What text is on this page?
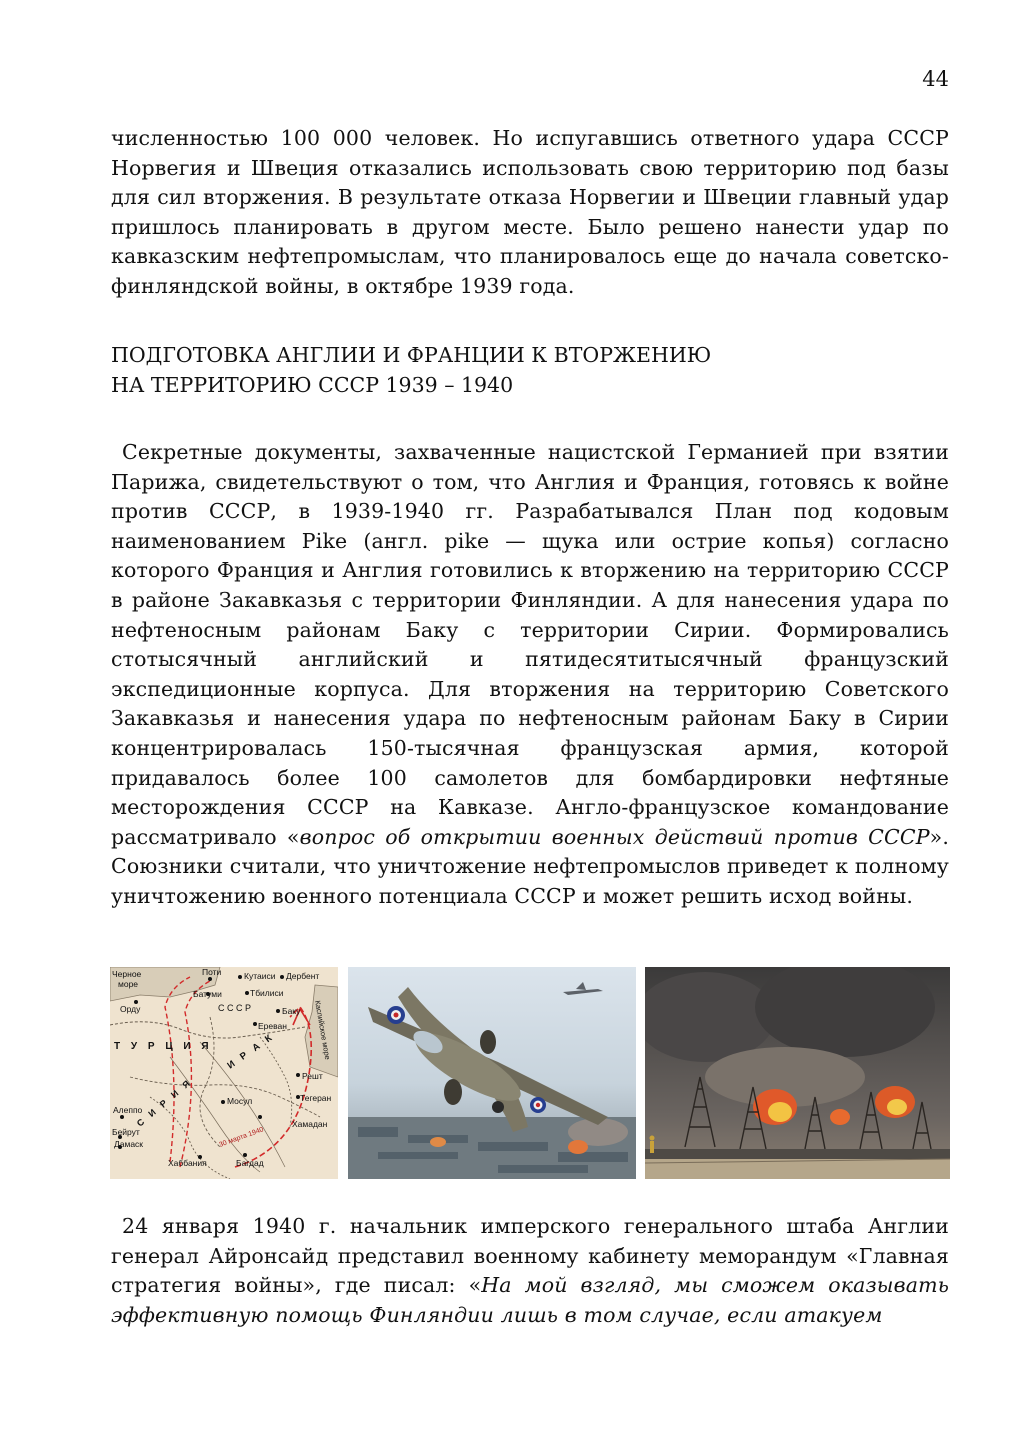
44
численностью 100 000 человек. Но испугавшись ответного удара СССР Норвегия и Швеция отказались использовать свою территорию под базы для сил вторжения. В результате отказа Норвегии и Швеции главный удар пришлось планировать в другом месте. Было решено нанести удар по кавказским нефтепромыслам, что планировалось еще до начала советско-финляндской войны, в октябре 1939 года.
ПОДГОТОВКА АНГЛИИ И ФРАНЦИИ К ВТОРЖЕНИЮ
НА ТЕРРИТОРИЮ СССР 1939 – 1940
Секретные документы, захваченные нацистской Германией при взятии Парижа, свидетельствуют о том, что Англия и Франция, готовясь к войне против СССР, в 1939-1940 гг. Разрабатывался План под кодовым наименованием Pike (англ. pike — щука или острие копья) согласно которого Франция и Англия готовились к вторжению на территорию СССР в районе Закавказья с территории Финляндии. А для нанесения удара по нефтеносным районам Баку с территории Сирии. Формировались стотысячный английский и пятидесятитысячный французский экспедиционные корпуса. Для вторжения на территорию Советского Закавказья и нанесения удара по нефтеносным районам Баку в Сирии концентрировалась 150-тысячная французская армия, которой придавалось более 100 самолетов для бомбардировки нефтяные месторождения СССР на Кавказе. Англо-французское командование рассматривало «вопрос об открытии военных действий против СССР». Союзники считали, что уничтожение нефтепромыслов приведет к полному уничтожению военного потенциала СССР и может решить исход войны.
Черное
море
Поти	Кутаиси Дербент
Батуми	Тбилиси
Орду	С С С Р	Баку
Ереван
Т У Р Ц И Я	Каспийское море
Решт
Алеппо
Мосул	Тегеран
И Р А К
Хамадан
Бейрут
Дамаск
Хаббания	Багдад
С И Р И Я
30 марта 1940
24 января 1940 г. начальник имперского генерального штаба Англии генерал Айронсайд представил военному кабинету меморандум «Главная стратегия войны», где писал: «На мой взгляд, мы сможем оказывать эффективную помощь Финляндии лишь в том случае, если атакуем
